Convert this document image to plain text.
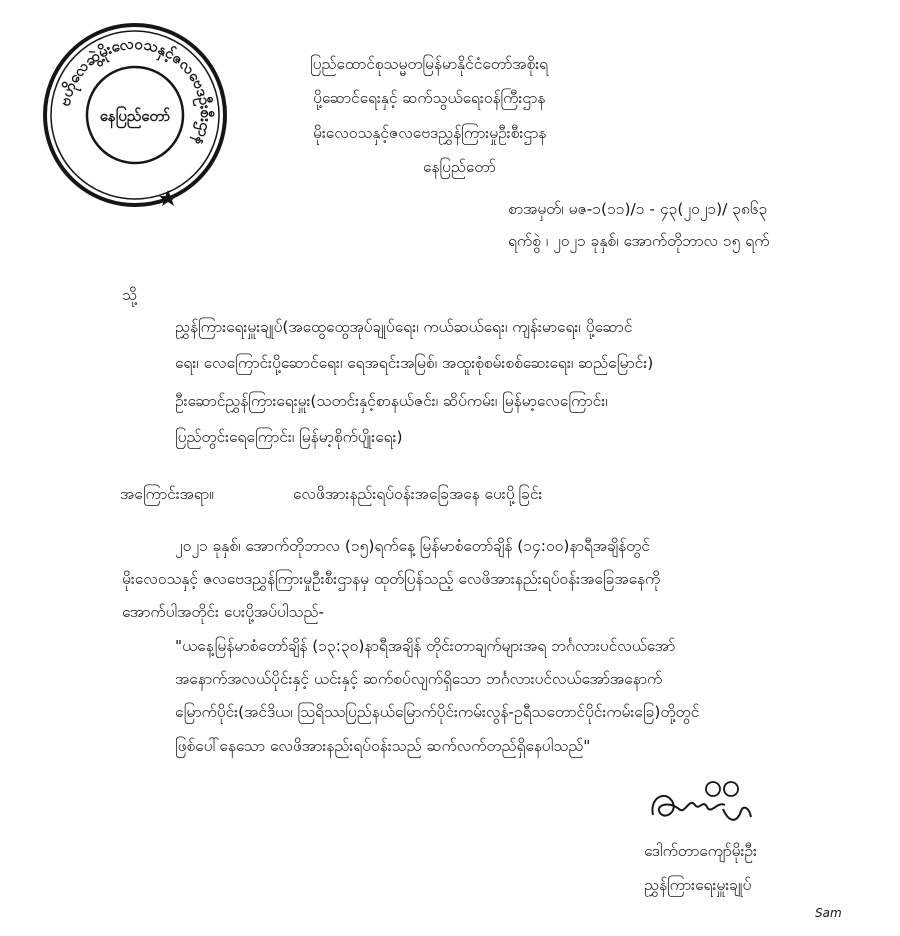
ဗဟိုလေဆွဲ့မိုးလေဝသနှင့်ဇလဗေဒဦးစီးဌာန
နေပြည်တော်
ပြည်ထောင်စုသမ္မတမြန်မာနိုင်ငံတော်အစိုးရ
ပို့ဆောင်ရေးနှင့် ဆက်သွယ်ရေးဝန်ကြီးဌာန
မိုးလေဝသနှင့်ဇလဗေဒညွှန်ကြားမှုဦးစီးဌာန
နေပြည်တော်
စာအမှတ်၊ မဇ-၁(၁၁)/၁ - ၄၃(၂၀၂၁)/ ၃၈၆၃
ရက်စွဲ ၊ ၂၀၂၁ ခုနှစ်၊ အောက်တိုဘာလ ၁၅ ရက်
သို့
ညွှန်ကြားရေးမှူးချုပ်(အထွေထွေအုပ်ချုပ်ရေး၊ ကယ်ဆယ်ရေး၊ ကျန်းမာရေး၊ ပို့ဆောင်
ရေး၊ လေကြောင်းပို့ဆောင်ရေး၊ ရေအရင်းအမြစ်၊ အထူးစုံစမ်းစစ်ဆေးရေး၊ ဆည်မြောင်း)
ဦးဆောင်ညွှန်ကြားရေးမှူး(သတင်းနှင့်စာနယ်ဇင်း၊ ဆိပ်ကမ်း၊ မြန်မာ့လေကြောင်း၊
ပြည်တွင်းရေကြောင်း၊ မြန်မာ့စိုက်ပျိုးရေး)
အကြောင်းအရာ။	လေဖိအားနည်းရပ်ဝန်းအခြေအနေ ပေးပို့ခြင်း
၂၀၂၁ ခုနှစ်၊ အောက်တိုဘာလ (၁၅)ရက်နေ့ မြန်မာစံတော်ချိန် (၁၄:၀၀)နာရီအချိန်တွင်
မိုးလေဝသနှင့် ဇလဗေဒညွှန်ကြားမှုဦးစီးဌာနမှ ထုတ်ပြန်သည့် လေဖိအားနည်းရပ်ဝန်းအခြေအနေကို
အောက်ပါအတိုင်း ပေးပို့အပ်ပါသည်-
"ယနေ့မြန်မာစံတော်ချိန် (၁၃:၃၀)နာရီအချိန် တိုင်းတာချက်များအရ ဘင်္ဂလားပင်လယ်အော်
အနောက်အလယ်ပိုင်းနှင့် ယင်းနှင့် ဆက်စပ်လျက်ရှိသော ဘင်္ဂလားပင်လယ်အော်အနောက်
မြောက်ပိုင်း(အင်ဒိယ၊ ဩရိဿပြည်နယ်မြောက်ပိုင်းကမ်းလွန်-ဥရီသတောင်ပိုင်းကမ်းခြေ)တို့တွင်
ဖြစ်ပေါ်နေသော လေဖိအားနည်းရပ်ဝန်းသည် ဆက်လက်တည်ရှိနေပါသည်"
ဒေါက်တာကျော်မိုးဦး
ညွှန်ကြားရေးမှူးချုပ်
Sam
